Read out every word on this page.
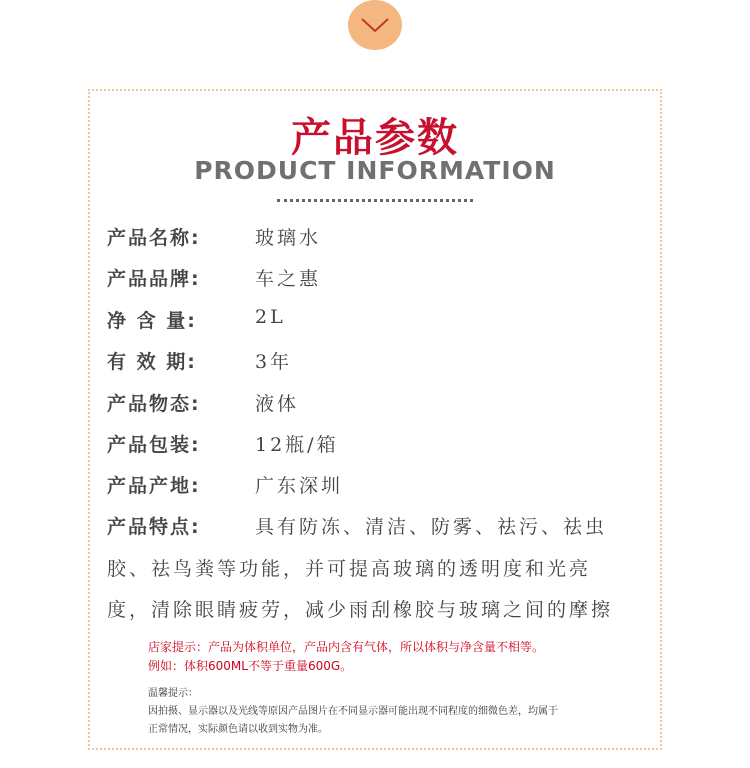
产品参数
PRODUCT INFORMATION
产品名称:	玻璃水
产品品牌:	车之惠
净 含 量:	2L
有 效 期:	3年
产品物态:	液体
产品包装:	12瓶/箱
产品产地:	广东深圳
产品特点:	具有防冻、清洁、防雾、祛污、祛虫
胶、祛鸟粪等功能，并可提高玻璃的透明度和光亮
度，清除眼睛疲劳，减少雨刮橡胶与玻璃之间的摩擦
店家提示：产品为体积单位，产品内含有气体，所以体积与净含量不相等。
例如：体积600ML不等于重量600G。
温馨提示：
因拍摄、显示器以及光线等原因产品图片在不同显示器可能出现不同程度的细微色差，均属于
正常情况，实际颜色请以收到实物为准。
